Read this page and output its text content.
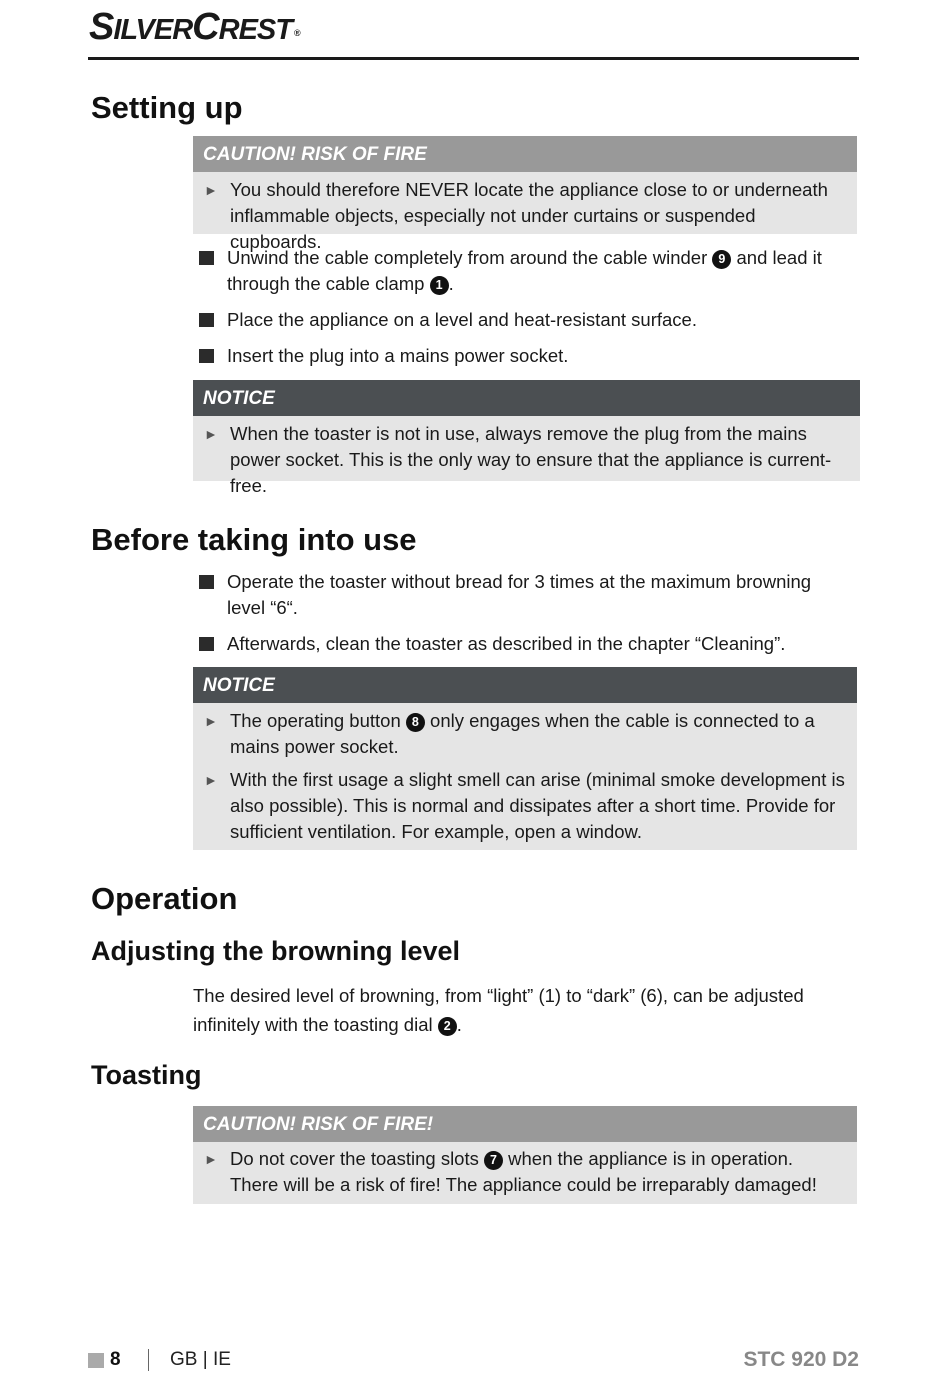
SILVERCREST ®
Setting up
CAUTION! RISK OF FIRE
► You should therefore NEVER locate the appliance close to or underneath inflammable objects, especially not under curtains or suspended cupboards.
Unwind the cable completely from around the cable winder 9 and lead it through the cable clamp 1 .
Place the appliance on a level and heat-resistant surface.
Insert the plug into a mains power socket.
NOTICE
► When the toaster is not in use, always remove the plug from the mains power socket. This is the only way to ensure that the appliance is current-free.
Before taking into use
Operate the toaster without bread for 3 times at the maximum browning level “6“.
Afterwards, clean the toaster as described in the chapter “Cleaning”.
NOTICE
► The operating button 8 only engages when the cable is connected to a mains power socket.
► With the first usage a slight smell can arise (minimal smoke development is also possible). This is normal and dissipates after a short time. Provide for sufficient ventilation. For example, open a window.
Operation
Adjusting the browning level
The desired level of browning, from “light” (1) to “dark” (6), can be adjusted infinitely with the toasting dial 2 .
Toasting
CAUTION! RISK OF FIRE!
► Do not cover the toasting slots 7 when the appliance is in operation. There will be a risk of fire! The appliance could be irreparably damaged!
8	GB | IE	STC 920 D2
